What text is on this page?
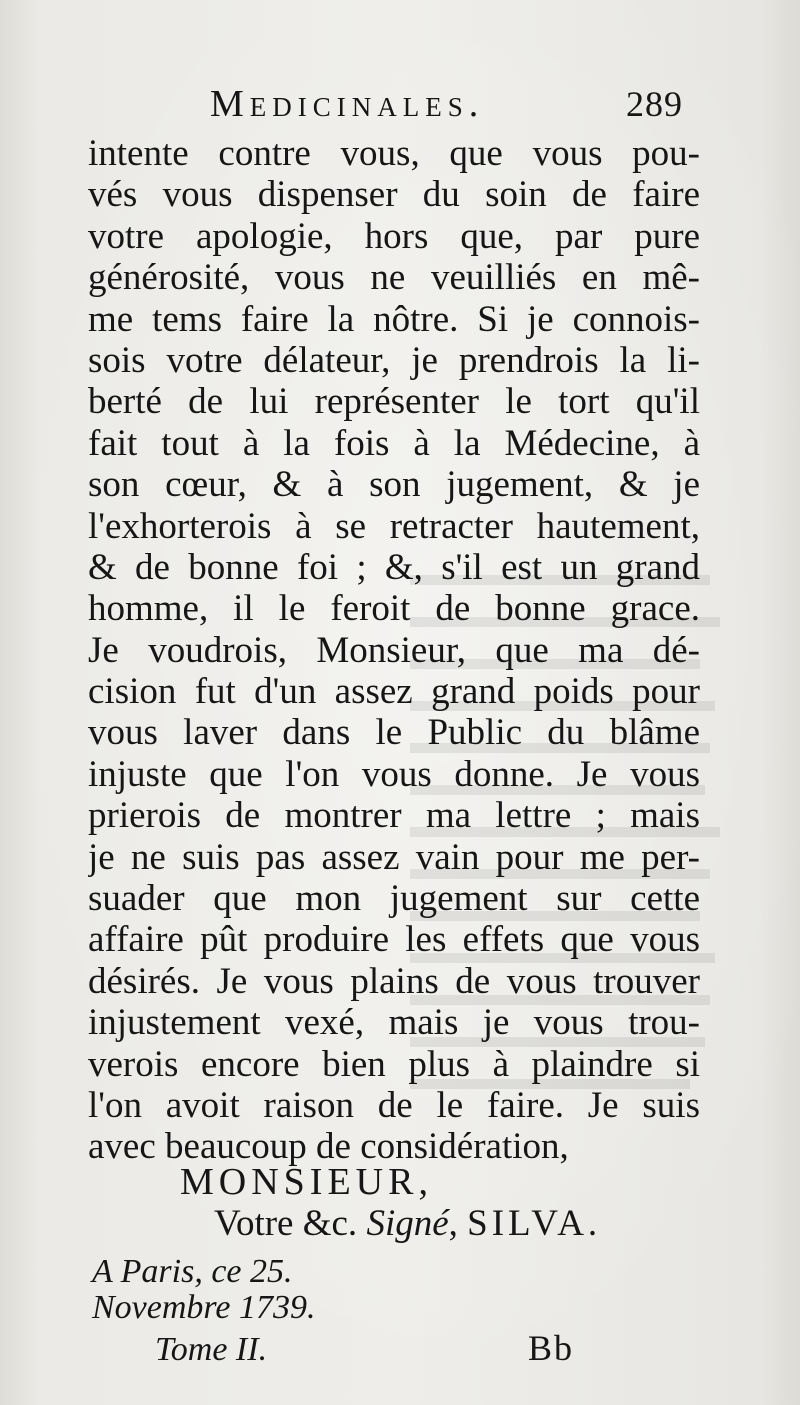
Medicinales.	289
intente contre vous, que vous pou-
vés vous dispenser du soin de faire
votre apologie, hors que, par pure
générosité, vous ne veuilliés en mê-
me tems faire la nôtre. Si je connois-
sois votre délateur, je prendrois la li-
berté de lui représenter le tort qu'il
fait tout à la fois à la Médecine, à
son cœur, & à son jugement, & je
l'exhorterois à se retracter hautement,
& de bonne foi ; &, s'il est un grand
homme, il le feroit de bonne grace.
Je voudrois, Monsieur, que ma dé-
cision fut d'un assez grand poids pour
vous laver dans le Public du blâme
injuste que l'on vous donne. Je vous
prierois de montrer ma lettre ; mais
je ne suis pas assez vain pour me per-
suader que mon jugement sur cette
affaire pût produire les effets que vous
désirés. Je vous plains de vous trouver
injustement vexé, mais je vous trou-
verois encore bien plus à plaindre si
l'on avoit raison de le faire. Je suis
avec beaucoup de considération,
MONSIEUR,
Votre &c. Signé, SILVA.
A Paris, ce 25.
Novembre 1739.
Tome II.	Bb
